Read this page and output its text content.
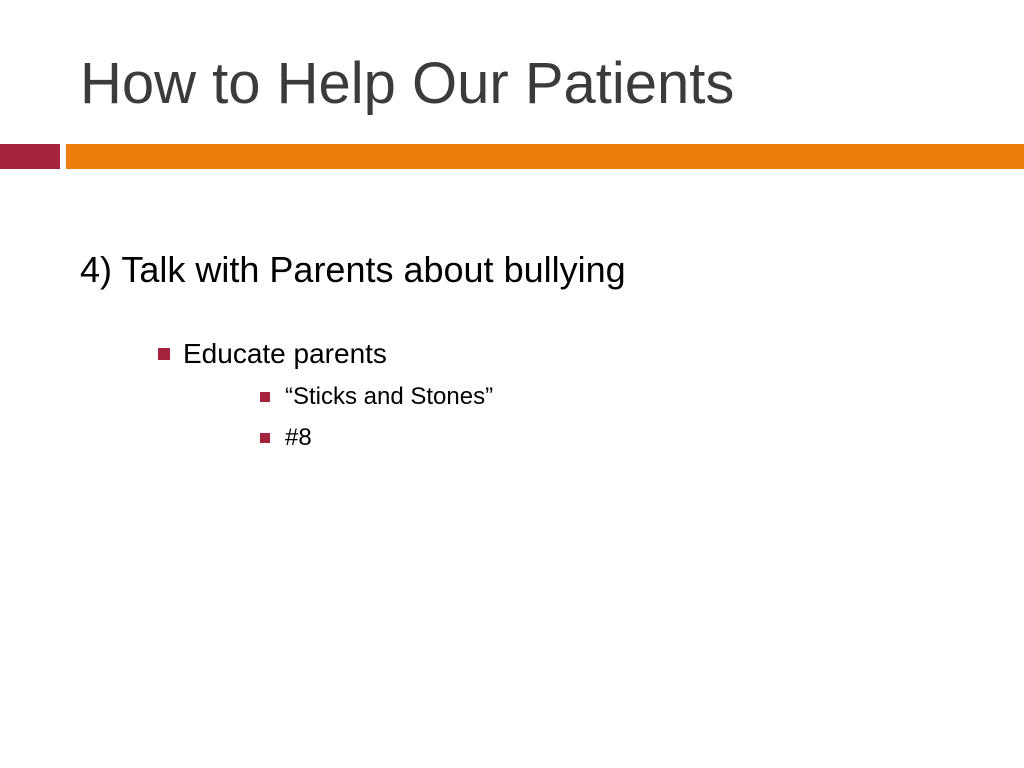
How to Help Our Patients
4) Talk with Parents about bullying
Educate parents
“Sticks and Stones”
#8
